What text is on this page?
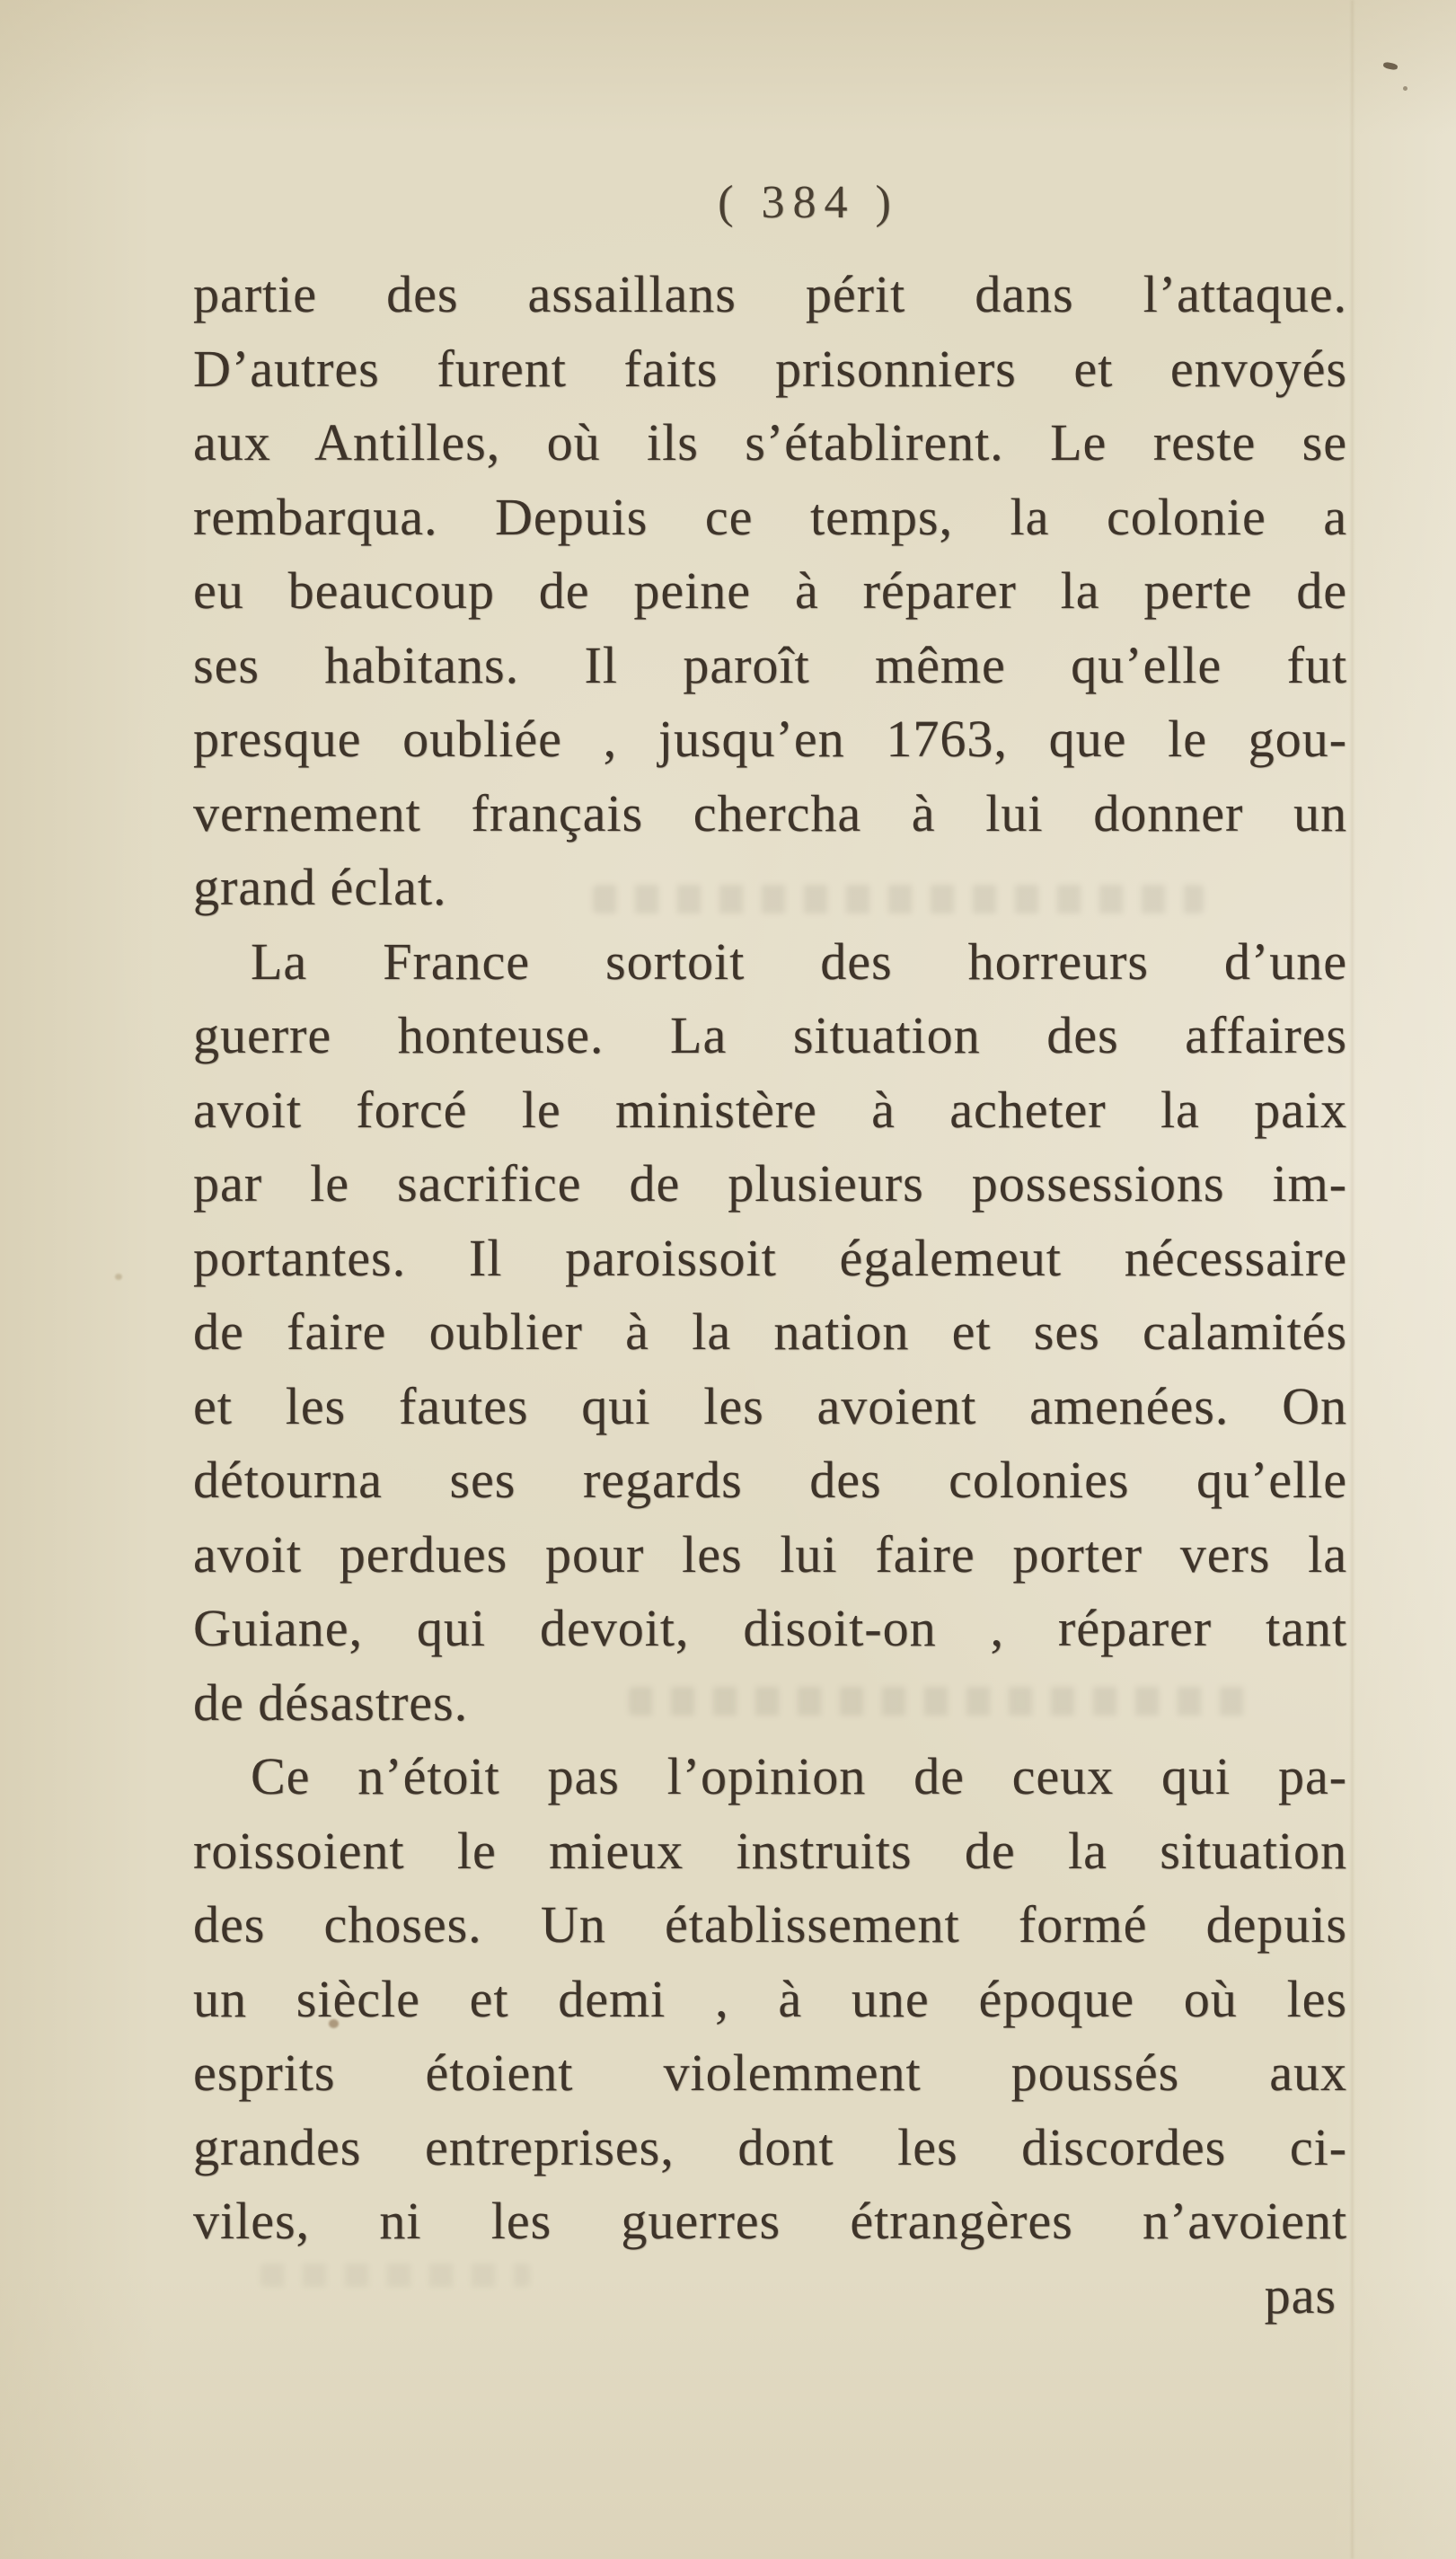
( 384 )
partie des assaillans périt dans l’attaque.
D’autres furent faits prisonniers et envoyés
aux Antilles, où ils s’établirent. Le reste se
rembarqua. Depuis ce temps, la colonie a
eu beaucoup de peine à réparer la perte de
ses habitans. Il paroît même qu’elle fut
presque oubliée , jusqu’en 1763, que le gou-
vernement français chercha à lui donner un
grand éclat.
La France sortoit des horreurs d’une
guerre honteuse. La situation des affaires
avoit forcé le ministère à acheter la paix
par le sacrifice de plusieurs possessions im-
portantes. Il paroissoit égalemeut nécessaire
de faire oublier à la nation et ses calamités
et les fautes qui les avoient amenées. On
détourna ses regards des colonies qu’elle
avoit perdues pour les lui faire porter vers la
Guiane, qui devoit, disoit-on , réparer tant
de désastres.
Ce n’étoit pas l’opinion de ceux qui pa-
roissoient le mieux instruits de la situation
des choses. Un établissement formé depuis
un siècle et demi , à une époque où les
esprits étoient violemment poussés aux
grandes entreprises, dont les discordes ci-
viles, ni les guerres étrangères n’avoient
pas
